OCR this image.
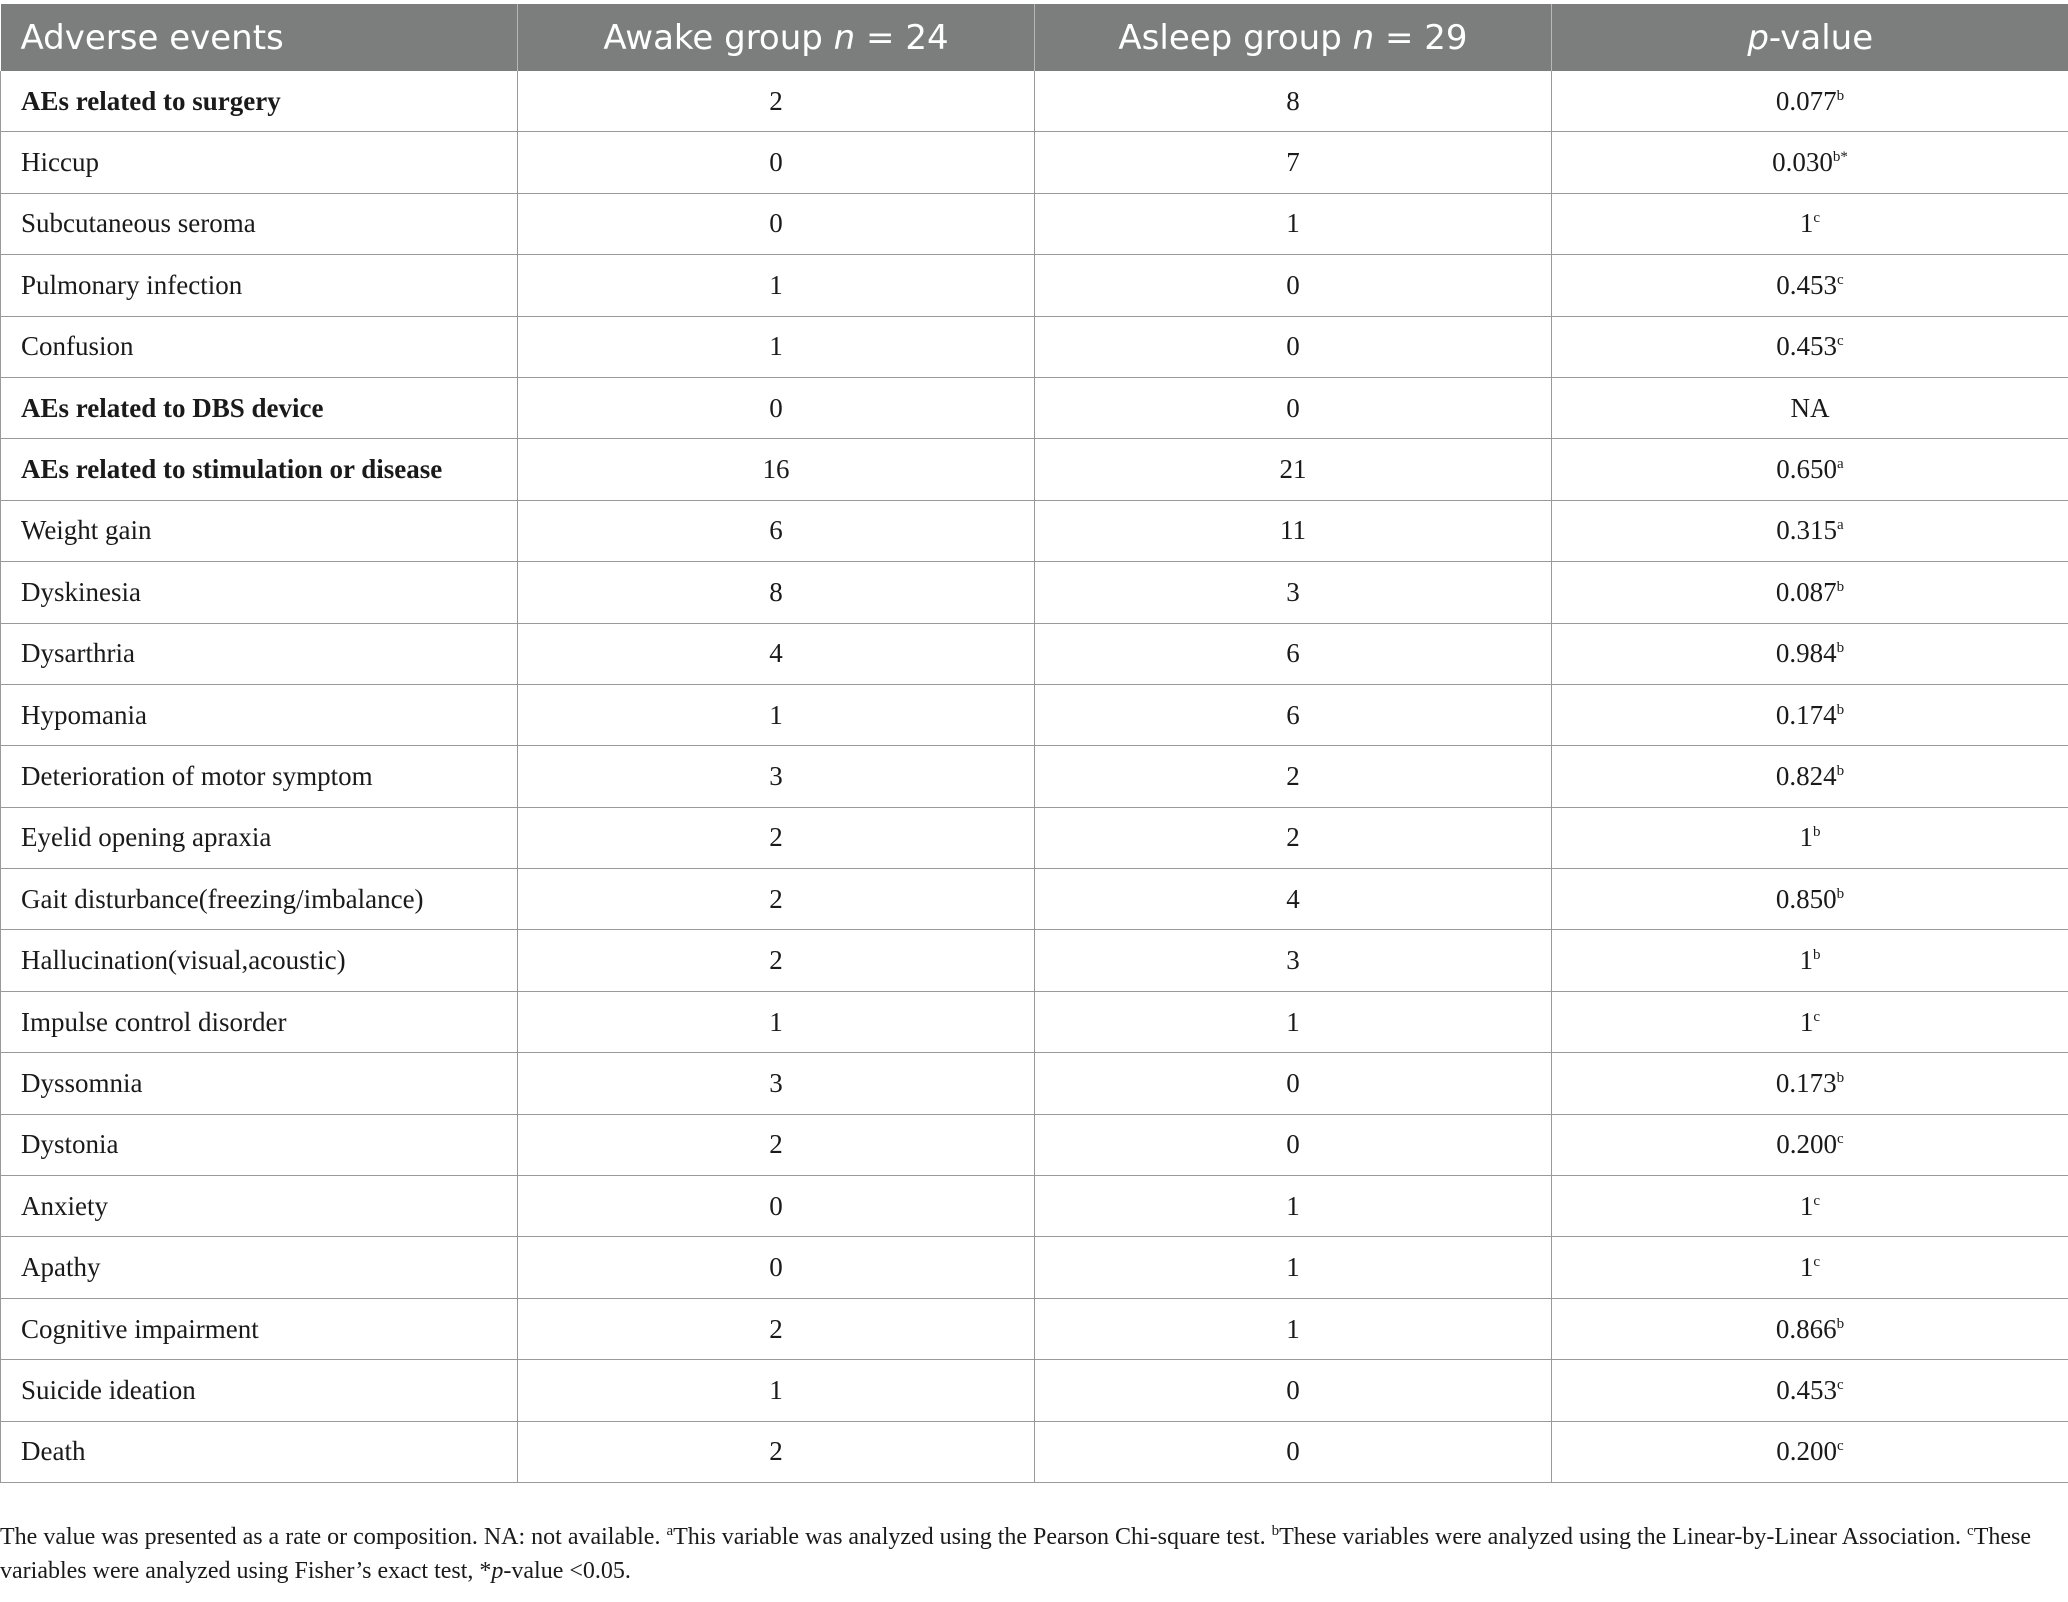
Adverse events	Awake group n = 24	Asleep group n = 29	p-value
AEs related to surgery	2	8	0.077$^b$
Hiccup	0	7	$0.030^{b*}$
Subcutaneous seroma	0	1	1$^c$
Pulmonary infection	1	0	0.453$^c$
Confusion	1	0	0.453$^c$
AEs related to DBS device	0	0	NA
AEs related to stimulation or disease	16	21	0.650$^a$
Weight gain	6	11	0.315$^a$
Dyskinesia	8	3	0.087$^b$
Dysarthria	4	6	0.984$^b$
Hypomania	1	6	0.174$^b$
Deterioration of motor symptom	3	2	0.824$^b$
Eyelid opening apraxia	2	2	1$^b$
Gait disturbance(freezing/imbalance)	2	4	0.850$^b$
Hallucination(visual,acoustic)	2	3	1$^b$
Impulse control disorder	1	1	1$^c$
Dyssomnia	3	0	0.173$^b$
Dystonia	2	0	0.200$^c$
Anxiety	0	1	1$^c$
Apathy	0	1	1$^c$
Cognitive impairment	2	1	0.866$^b$
Suicide ideation	1	0	0.453$^c$
Death	2	0	0.200$^c$
The value was presented as a rate or composition. NA: not available. $^a$This variable was analyzed using the Pearson Chi-square test. $^b$These variables were analyzed using the Linear-by-Linear Association. $^c$These variables were analyzed using Fisher’s exact test, *p-value <0.05.
